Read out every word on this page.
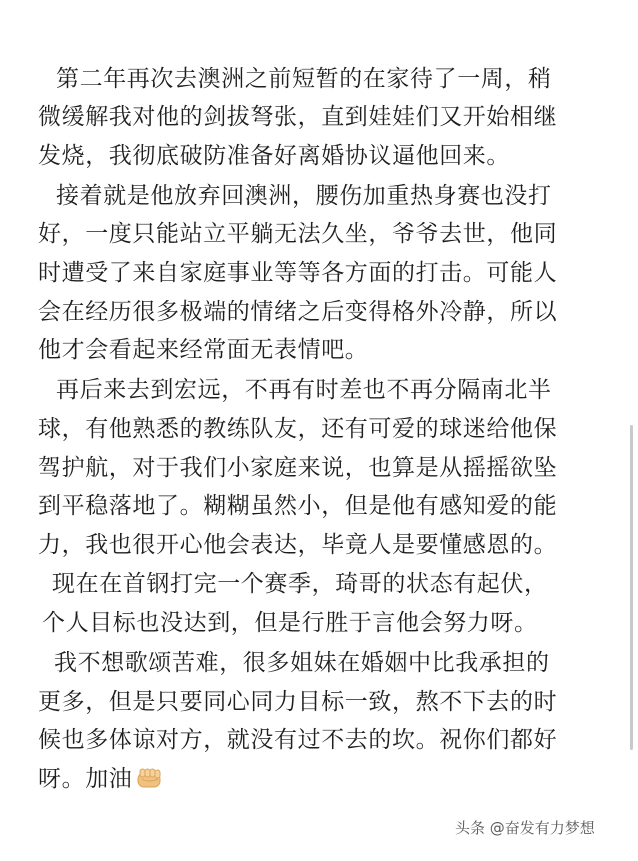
第二年再次去澳洲之前短暂的在家待了一周，稍
微缓解我对他的剑拔弩张，直到娃娃们又开始相继
发烧，我彻底破防准备好离婚协议逼他回来。
接着就是他放弃回澳洲，腰伤加重热身赛也没打
好，一度只能站立平躺无法久坐，爷爷去世，他同
时遭受了来自家庭事业等等各方面的打击。可能人
会在经历很多极端的情绪之后变得格外冷静，所以
他才会看起来经常面无表情吧。
再后来去到宏远，不再有时差也不再分隔南北半
球，有他熟悉的教练队友，还有可爱的球迷给他保
驾护航，对于我们小家庭来说，也算是从摇摇欲坠
到平稳落地了。糊糊虽然小，但是他有感知爱的能
力，我也很开心他会表达，毕竟人是要懂感恩的。
现在在首钢打完一个赛季，琦哥的状态有起伏，
个人目标也没达到，但是行胜于言他会努力呀。
我不想歌颂苦难，很多姐妹在婚姻中比我承担的
更多，但是只要同心同力目标一致，熬不下去的时
候也多体谅对方，就没有过不去的坎。祝你们都好
呀。加油
头条 @奋发有力梦想
